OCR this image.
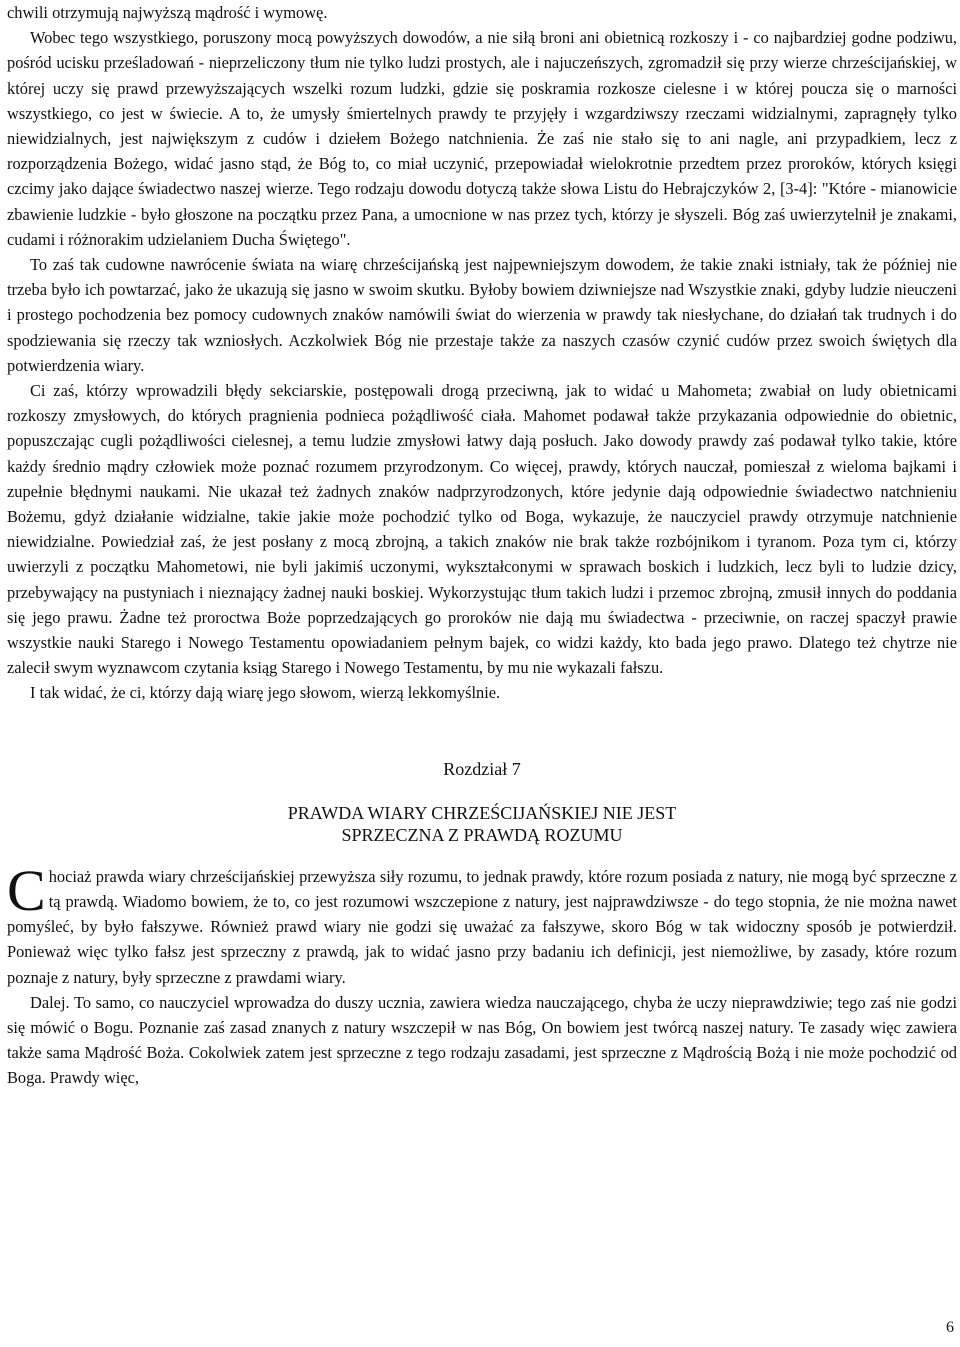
chwili otrzymują najwyższą mądrość i wymowę.

Wobec tego wszystkiego, poruszony mocą powyższych dowodów, a nie siłą broni ani obietnicą rozkoszy i - co najbardziej godne podziwu, pośród ucisku prześladowań - nieprzeliczony tłum nie tylko ludzi prostych, ale i najuczeńszych, zgromadził się przy wierze chrześcijańskiej, w której uczy się prawd przewyższających wszelki rozum ludzki, gdzie się poskramia rozkosze cielesne i w której poucza się o marności wszystkiego, co jest w świecie. A to, że umysły śmiertelnych prawdy te przyjęły i wzgardziwszy rzeczami widzialnymi, zapragnęły tylko niewidzialnych, jest największym z cudów i dziełem Bożego natchnienia. Że zaś nie stało się to ani nagle, ani przypadkiem, lecz z rozporządzenia Bożego, widać jasno stąd, że Bóg to, co miał uczynić, przepowiadał wielokrotnie przedtem przez proroków, których księgi czcimy jako dające świadectwo naszej wierze. Tego rodzaju dowodu dotyczą także słowa Listu do Hebrajczyków 2, [3-4]: "Które - mianowicie zbawienie ludzkie - było głoszone na początku przez Pana, a umocnione w nas przez tych, którzy je słyszeli. Bóg zaś uwierzytelnił je znakami, cudami i różnorakim udzielaniem Ducha Świętego".

To zaś tak cudowne nawrócenie świata na wiarę chrześcijańską jest najpewniejszym dowodem, że takie znaki istniały, tak że później nie trzeba było ich powtarzać, jako że ukazują się jasno w swoim skutku. Byłoby bowiem dziwniejsze nad Wszystkie znaki, gdyby ludzie nieuczeni i prostego pochodzenia bez pomocy cudownych znaków namówili świat do wierzenia w prawdy tak niesłychane, do działań tak trudnych i do spodziewania się rzeczy tak wzniosłych. Aczkolwiek Bóg nie przestaje także za naszych czasów czynić cudów przez swoich świętych dla potwierdzenia wiary.

Ci zaś, którzy wprowadzili błędy sekciarskie, postępowali drogą przeciwną, jak to widać u Mahometa; zwabiał on ludy obietnicami rozkoszy zmysłowych, do których pragnienia podnieca pożądliwość ciała. Mahomet podawał także przykazania odpowiednie do obietnic, popuszczając cugli pożądliwości cielesnej, a temu ludzie zmysłowi łatwy dają posłuch. Jako dowody prawdy zaś podawał tylko takie, które każdy średnio mądry człowiek może poznać rozumem przyrodzonym. Co więcej, prawdy, których nauczał, pomieszał z wieloma bajkami i zupełnie błędnymi naukami. Nie ukazał też żadnych znaków nadprzyrodzonych, które jedynie dają odpowiednie świadectwo natchnieniu Bożemu, gdyż działanie widzialne, takie jakie może pochodzić tylko od Boga, wykazuje, że nauczyciel prawdy otrzymuje natchnienie niewidzialne. Powiedział zaś, że jest posłany z mocą zbrojną, a takich znaków nie brak także rozbójnikom i tyranom. Poza tym ci, którzy uwierzyli z początku Mahometowi, nie byli jakimiś uczonymi, wykształconymi w sprawach boskich i ludzkich, lecz byli to ludzie dzicy, przebywający na pustyniach i nieznający żadnej nauki boskiej. Wykorzystując tłum takich ludzi i przemoc zbrojną, zmusił innych do poddania się jego prawu. Żadne też proroctwa Boże poprzedzających go proroków nie dają mu świadectwa - przeciwnie, on raczej spaczył prawie wszystkie nauki Starego i Nowego Testamentu opowiadaniem pełnym bajek, co widzi każdy, kto bada jego prawo. Dlatego też chytrze nie zalecił swym wyznawcom czytania ksiąg Starego i Nowego Testamentu, by mu nie wykazali fałszu.

I tak widać, że ci, którzy dają wiarę jego słowom, wierzą lekkomyślnie.

Rozdział 7
PRAWDA WIARY CHRZEŚCIJAŃSKIEJ NIE JEST
SPRZECZNA Z PRAWDĄ ROZUMU

Chociaż prawda wiary chrześcijańskiej przewyższa siły rozumu, to jednak prawdy, które rozum posiada z natury, nie mogą być sprzeczne z tą prawdą. Wiadomo bowiem, że to, co jest rozumowi wszczepione z natury, jest najprawdziwsze - do tego stopnia, że nie można nawet pomyśleć, by było fałszywe. Również prawd wiary nie godzi się uważać za fałszywe, skoro Bóg w tak widoczny sposób je potwierdził. Ponieważ więc tylko fałsz jest sprzeczny z prawdą, jak to widać jasno przy badaniu ich definicji, jest niemożliwe, by zasady, które rozum poznaje z natury, były sprzeczne z prawdami wiary.

Dalej. To samo, co nauczyciel wprowadza do duszy ucznia, zawiera wiedza nauczającego, chyba że uczy nieprawdziwie; tego zaś nie godzi się mówić o Bogu. Poznanie zaś zasad znanych z natury wszczepił w nas Bóg, On bowiem jest twórcą naszej natury. Te zasady więc zawiera także sama Mądrość Boża. Cokolwiek zatem jest sprzeczne z tego rodzaju zasadami, jest sprzeczne z Mądrością Bożą i nie może pochodzić od Boga. Prawdy więc,

6
